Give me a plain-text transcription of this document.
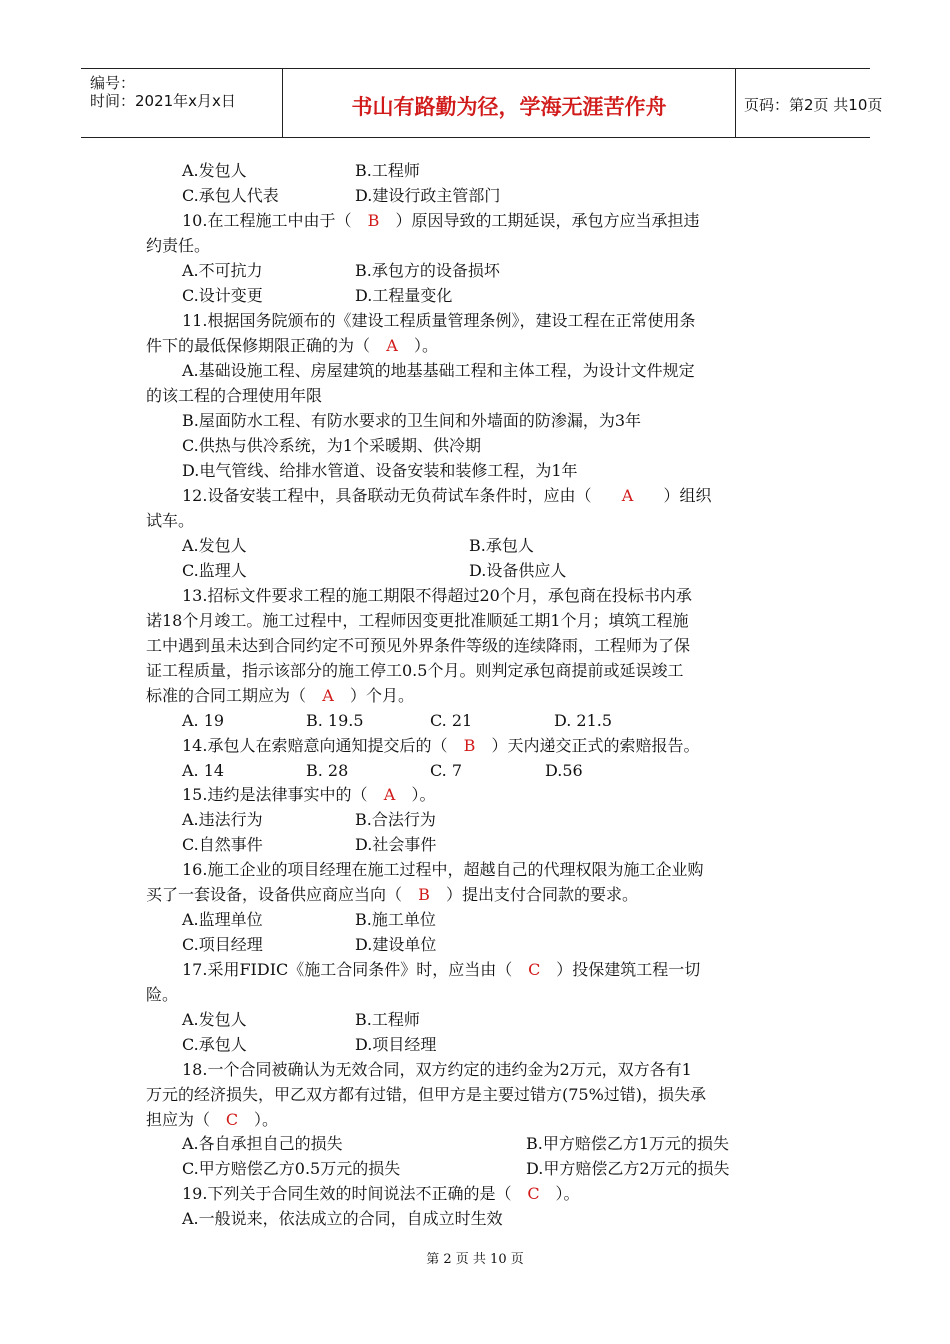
编号：
时间：2021年x月x日	书山有路勤为径，学海无涯苦作舟	页码：第2页 共10页
A.发包人	B.工程师
C.承包人代表	D.建设行政主管部门
10.在工程施工中由于（ B ）原因导致的工期延误，承包方应当承担违
约责任。
A.不可抗力	B.承包方的设备损坏
C.设计变更	D.工程量变化
11.根据国务院颁布的《建设工程质量管理条例》，建设工程在正常使用条
件下的最低保修期限正确的为（ A ）。
A.基础设施工程、房屋建筑的地基基础工程和主体工程，为设计文件规定
的该工程的合理使用年限
B.屋面防水工程、有防水要求的卫生间和外墙面的防渗漏，为3年
C.供热与供冷系统，为1个采暖期、供冷期
D.电气管线、给排水管道、设备安装和装修工程，为1年
12.设备安装工程中，具备联动无负荷试车条件时，应由（ A ）组织
试车。
A.发包人	B.承包人
C.监理人	D.设备供应人
13.招标文件要求工程的施工期限不得超过20个月，承包商在投标书内承
诺18个月竣工。施工过程中，工程师因变更批准顺延工期1个月；填筑工程施
工中遇到虽未达到合同约定不可预见外界条件等级的连续降雨，工程师为了保
证工程质量，指示该部分的施工停工0.5个月。则判定承包商提前或延误竣工
标准的合同工期应为（ A ）个月。
A. 19	B. 19.5	C. 21	D. 21.5
14.承包人在索赔意向通知提交后的（ B ）天内递交正式的索赔报告。
A. 14	B. 28	C. 7	D.56
15.违约是法律事实中的（ A ）。
A.违法行为	B.合法行为
C.自然事件	D.社会事件
16.施工企业的项目经理在施工过程中，超越自己的代理权限为施工企业购
买了一套设备，设备供应商应当向（ B ）提出支付合同款的要求。
A.监理单位	B.施工单位
C.项目经理	D.建设单位
17.采用FIDIC《施工合同条件》时，应当由（ C ）投保建筑工程一切
险。
A.发包人	B.工程师
C.承包人	D.项目经理
18.一个合同被确认为无效合同，双方约定的违约金为2万元，双方各有1
万元的经济损失，甲乙双方都有过错，但甲方是主要过错方(75%过错)，损失承
担应为（ C ）。
A.各自承担自己的损失	B.甲方赔偿乙方1万元的损失
C.甲方赔偿乙方0.5万元的损失	D.甲方赔偿乙方2万元的损失
19.下列关于合同生效的时间说法不正确的是（ C ）。
A.一般说来，依法成立的合同，自成立时生效
第 2 页 共 10 页
